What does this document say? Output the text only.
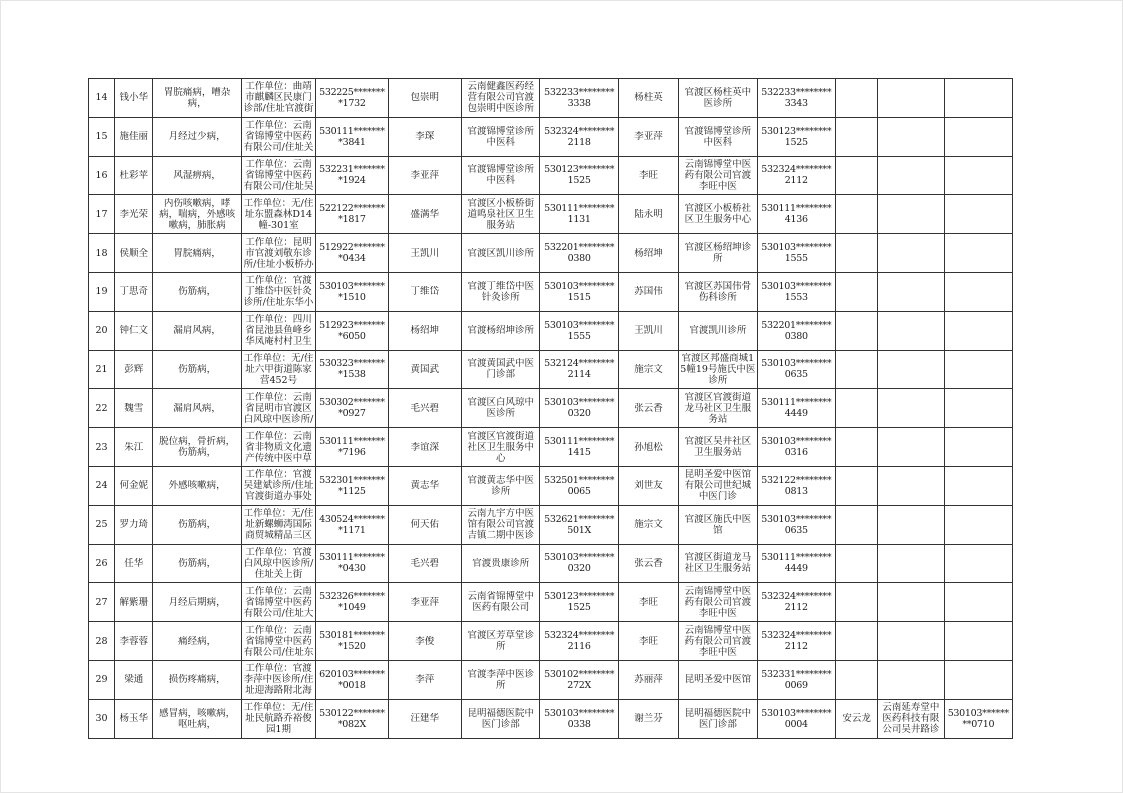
14	钱小华	胃脘痛病，嘈杂病，	工作单位：曲靖市麒麟区民康门诊部/住址官渡街	532225********1732	包崇明	云南健鑫医药经营有限公司官渡包崇明中医诊所	532233********3338	杨柱英	官渡区杨柱英中医诊所	532233********3343			

15	施佳丽	月经过少病，	工作单位：云南省锦博堂中医药有限公司/住址关	530111********3841	李琛	官渡锦博堂诊所中医科	532324********2118	李亚萍	官渡锦博堂诊所中医科	530123********1525			

16	杜彩苹	风湿痹病，	工作单位：云南省锦博堂中医药有限公司/住址吴	532231********1924	李亚萍	官渡锦博堂诊所中医科	530123********1525	李旺	云南锦博堂中医药有限公司官渡李旺中医	532324********2112			

17	李光荣	内伤咳嗽病，哮病，喘病，外感咳嗽病，肺胀病	工作单位：无/住址东盟森林D14幢-301室	522122********1817	盛满华	官渡区小板桥街道鸣泉社区卫生服务站	530111********1131	陆永明	官渡区小板桥社区卫生服务中心	530111********4136			

18	侯顺全	胃脘痛病，	工作单位：昆明市官渡刘敬东诊所/住址小板桥办	512922********0434	王凯川	官渡区凯川诊所	532201********0380	杨绍坤	官渡区杨绍坤诊所	530103********1555			

19	丁思奇	伤筋病，	工作单位：官渡丁维岱中医针灸诊所/住址东华小	530103********1510	丁维岱	官渡丁维岱中医针灸诊所	530103********1515	苏国伟	官渡区苏国伟骨伤科诊所	530103********1553			

20	钟仁文	漏肩风病，	工作单位：四川省昆池县鱼峰乡华凤庵村村卫生	512923********6050	杨绍坤	官渡杨绍坤诊所	530103********1555	王凯川	官渡凯川诊所	532201********0380			

21	彭辉	伤筋病，	工作单位：无/住址六甲街道陈家营452号	530323********1538	黄国武	官渡黄国武中医门诊部	532124********2114	施宗文	官渡区邦盛商城15幢19号施氏中医诊所	530103********0635			

22	魏雪	漏肩风病，	工作单位：云南省昆明市官渡区白风琼中医诊所/	530302********0927	毛兴碧	官渡区白风琼中医诊所	530103********0320	张云香	官渡区官渡街道龙马社区卫生服务站	530111********4449			

23	朱江	脱位病，骨折病，伤筋病，	工作单位：云南省非物质文化遗产传统中医中草	530111********7196	李谊深	官渡区官渡街道社区卫生服务中心	530111********1415	孙旭松	官渡区吴井社区卫生服务站	530103********0316			

24	何金妮	外感咳嗽病，	工作单位：官渡吴建斌诊所/住址官渡街道办事处	532301********1125	黄志华	官渡黄志华中医诊所	532501********0065	刘世友	昆明圣爱中医馆有限公司世纪城中医门诊	532122********0813			

25	罗力琦	伤筋病，	工作单位：无/住址新螺蛳湾国际商贸城精品三区	430524********1171	何天佑	云南九宇方中医馆有限公司官渡吉镇二期中医诊	532621********501X	施宗文	官渡区施氏中医馆	530103********0635			

26	任华	伤筋病，	工作单位：官渡白风琼中医诊所/住址关上街	530111********0430	毛兴碧	官渡贵康诊所	530103********0320	张云香	官渡区街道龙马社区卫生服务站	530111********4449			

27	解紫珊	月经后期病，	工作单位：云南省锦博堂中医药有限公司/住址大	532326********1049	李亚萍	云南省锦博堂中医药有限公司	530123********1525	李旺	云南锦博堂中医药有限公司官渡李旺中医	532324********2112			

28	李蓉蓉	痛经病，	工作单位：云南省锦博堂中医药有限公司/住址东	530181********1520	李俊	官渡区芳草堂诊所	532324********2116	李旺	云南锦博堂中医药有限公司官渡李旺中医	532324********2112			

29	梁通	损伤疼痛病，	工作单位：官渡李萍中医诊所/住址迎海路附北海	620103********0018	李萍	官渡李萍中医诊所	530102********272X	苏丽萍	昆明圣爱中医馆	532331********0069			

30	杨玉华	感冒病，咳嗽病，呕吐病，	工作单位：无/住址民航路乔裕俊园1期	530122********082X	汪建华	昆明福德医院中医门诊部	530103********0338	谢兰芬	昆明福德医院中医门诊部	530103********0004	安云龙	云南延寿堂中医药科技有限公司吴井路诊	530103********0710
